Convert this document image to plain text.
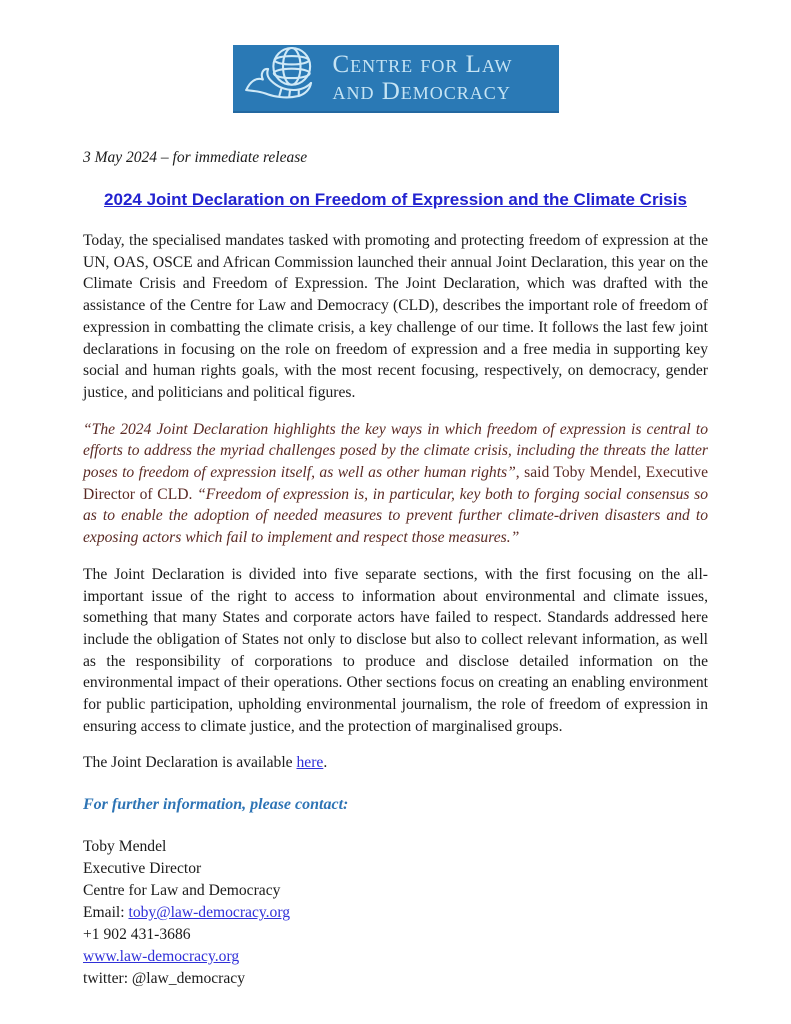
Centre for Law
and Democracy

3 May 2024 – for immediate release

2024 Joint Declaration on Freedom of Expression and the Climate Crisis

Today, the specialised mandates tasked with promoting and protecting freedom of expression at the UN, OAS, OSCE and African Commission launched their annual Joint Declaration, this year on the Climate Crisis and Freedom of Expression. The Joint Declaration, which was drafted with the assistance of the Centre for Law and Democracy (CLD), describes the important role of freedom of expression in combatting the climate crisis, a key challenge of our time. It follows the last few joint declarations in focusing on the role on freedom of expression and a free media in supporting key social and human rights goals, with the most recent focusing, respectively, on democracy, gender justice, and politicians and political figures.

“The 2024 Joint Declaration highlights the key ways in which freedom of expression is central to efforts to address the myriad challenges posed by the climate crisis, including the threats the latter poses to freedom of expression itself, as well as other human rights”, said Toby Mendel, Executive Director of CLD. “Freedom of expression is, in particular, key both to forging social consensus so as to enable the adoption of needed measures to prevent further climate-driven disasters and to exposing actors which fail to implement and respect those measures.”

The Joint Declaration is divided into five separate sections, with the first focusing on the all-important issue of the right to access to information about environmental and climate issues, something that many States and corporate actors have failed to respect. Standards addressed here include the obligation of States not only to disclose but also to collect relevant information, as well as the responsibility of corporations to produce and disclose detailed information on the environmental impact of their operations. Other sections focus on creating an enabling environment for public participation, upholding environmental journalism, the role of freedom of expression in ensuring access to climate justice, and the protection of marginalised groups.

The Joint Declaration is available here.

For further information, please contact:

Toby Mendel

Executive Director

Centre for Law and Democracy

Email: toby@law-democracy.org

+1 902 431-3686

www.law-democracy.org

twitter: @law_democracy
